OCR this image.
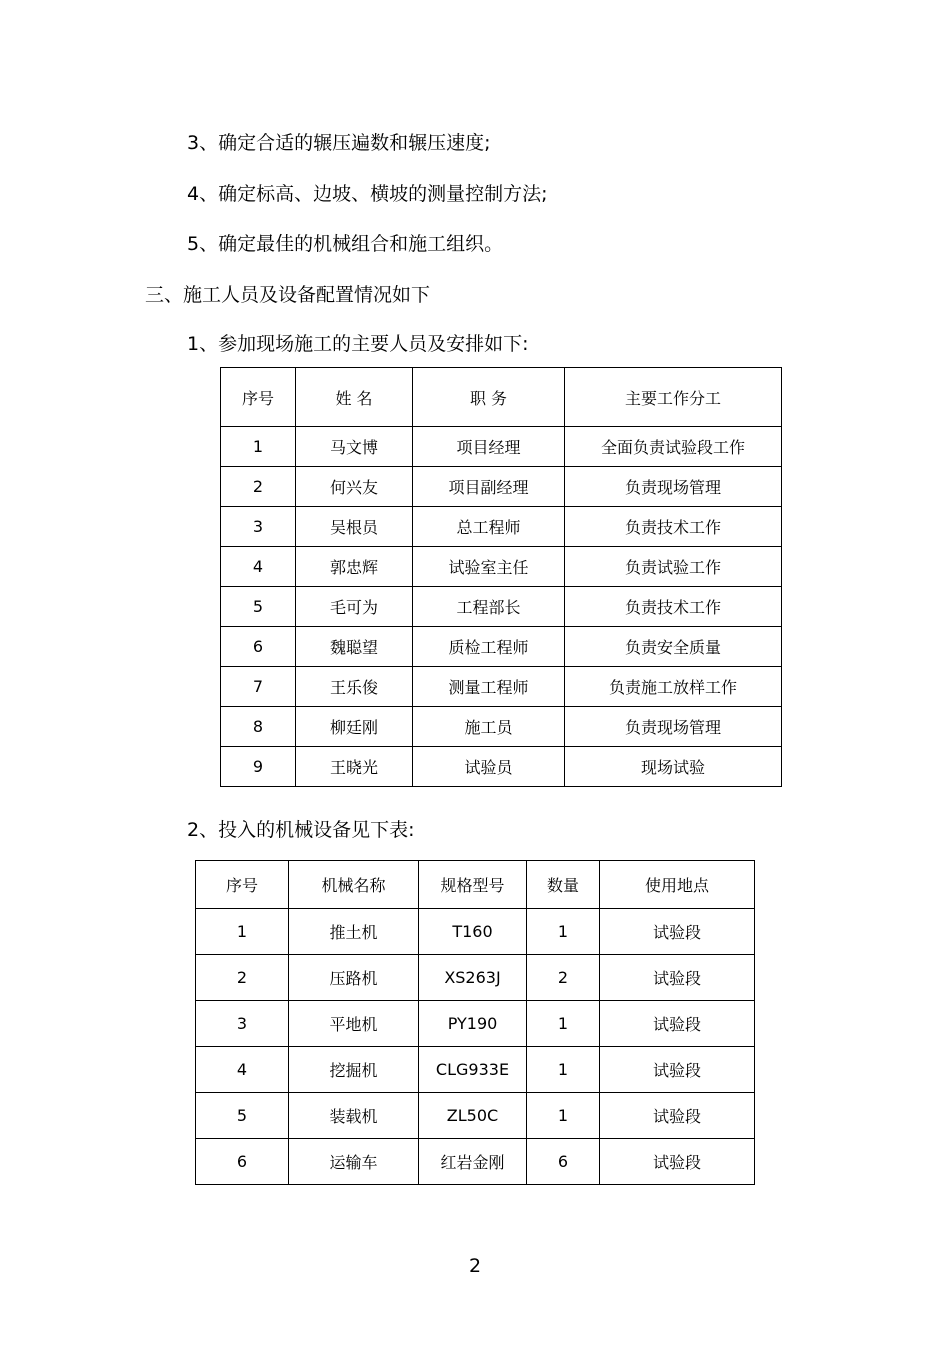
3、确定合适的辗压遍数和辗压速度;
4、确定标高、边坡、横坡的测量控制方法;
5、确定最佳的机械组合和施工组织。
三、施工人员及设备配置情况如下
1、参加现场施工的主要人员及安排如下:
序号	姓 名	职 务	主要工作分工
1	马文博	项目经理	全面负责试验段工作
2	何兴友	项目副经理	负责现场管理
3	吴根员	总工程师	负责技术工作
4	郭忠辉	试验室主任	负责试验工作
5	毛可为	工程部长	负责技术工作
6	魏聪望	质检工程师	负责安全质量
7	王乐俊	测量工程师	负责施工放样工作
8	柳廷刚	施工员	负责现场管理
9	王晓光	试验员	现场试验
2、投入的机械设备见下表:
序号	机械名称	规格型号	数量	使用地点
1	推土机	T160	1	试验段
2	压路机	XS263J	2	试验段
3	平地机	PY190	1	试验段
4	挖掘机	CLG933E	1	试验段
5	装载机	ZL50C	1	试验段
6	运输车	红岩金刚	6	试验段
2
